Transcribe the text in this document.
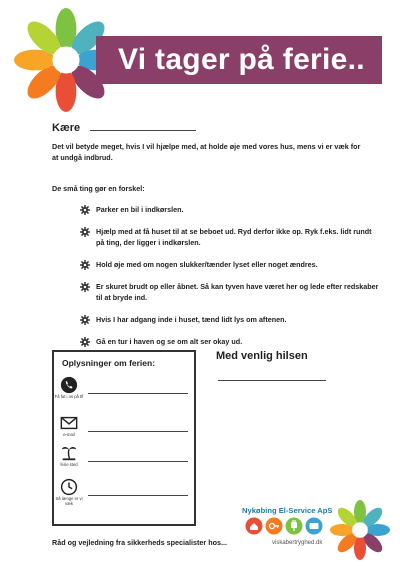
Vi tager på ferie..
Kære
Det vil betyde meget, hvis I vil hjælpe med, at holde øje med vores hus, mens vi er væk for at undgå indbrud.
De små ting gør en forskel:
Parker en bil i indkørslen.
Hjælp med at få huset til at se beboet ud. Ryd derfor ikke op. Ryk f.eks. lidt rundt på ting, der ligger i indkørslen.
Hold øje med om nogen slukker/tænder lyset eller noget ændres.
Er skuret brudt op eller åbnet. Så kan tyven have været her og lede efter redskaber til at bryde ind.
Hvis I har adgang inde i huset, tænd lidt lys om aftenen.
Gå en tur i haven og se om alt ser okay ud.
Oplysninger om ferien:
Få fat i os på tlf
e-mail
ferie sted
Så længe er vi væk
Med venlig hilsen
Råd og vejledning fra sikkerheds specialister hos...
Nykøbing El-Service ApS
viskabertryghed.dk
